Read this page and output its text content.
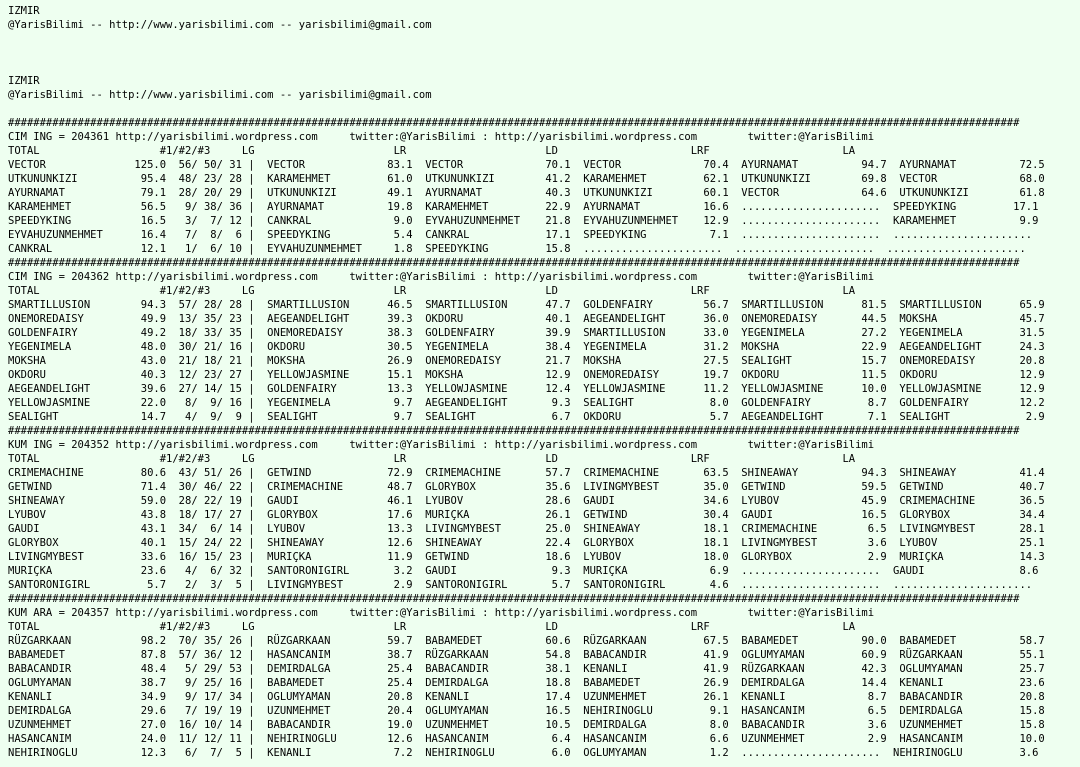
IZMIR
@YarisBilimi -- http://www.yarisbilimi.com -- yarisbilimi@gmail.com

IZMIR
@YarisBilimi -- http://www.yarisbilimi.com -- yarisbilimi@gmail.com

################################################################################################################################################################
CIM ING = 204361 http://yarisbilimi.wordpress.com     twitter:@YarisBilimi : http://yarisbilimi.wordpress.com        twitter:@YarisBilimi
TOTAL                   #1/#2/#3     LG                      LR                      LD                     LRF                     LA
VECTOR              125.0  56/ 50/ 31 |  VECTOR             83.1  VECTOR             70.1  VECTOR             70.4  AYURNAMAT          94.7  AYURNAMAT          72.5
UTKUNUNKIZI          95.4  48/ 23/ 28 |  KARAMEHMET         61.0  UTKUNUNKIZI        41.2  KARAMEHMET         62.1  UTKUNUNKIZI        69.8  VECTOR             68.0
AYURNAMAT            79.1  28/ 20/ 29 |  UTKUNUNKIZI        49.1  AYURNAMAT          40.3  UTKUNUNKIZI        60.1  VECTOR             64.6  UTKUNUNKIZI        61.8
KARAMEHMET           56.5   9/ 38/ 36 |  AYURNAMAT          19.8  KARAMEHMET         22.9  AYURNAMAT          16.6  ......................  SPEEDYKING         17.1
SPEEDYKING           16.5   3/  7/ 12 |  CANKRAL             9.0  EYVAHUZUNMEHMET    21.8  EYVAHUZUNMEHMET    12.9  ......................  KARAMEHMET          9.9
EYVAHUZUNMEHMET      16.4   7/  8/  6 |  SPEEDYKING          5.4  CANKRAL            17.1  SPEEDYKING          7.1  ......................  ......................
CANKRAL              12.1   1/  6/ 10 |  EYVAHUZUNMEHMET     1.8  SPEEDYKING         15.8  ......................  ......................  ......................
################################################################################################################################################################
CIM ING = 204362 http://yarisbilimi.wordpress.com     twitter:@YarisBilimi : http://yarisbilimi.wordpress.com        twitter:@YarisBilimi
TOTAL                   #1/#2/#3     LG                      LR                      LD                     LRF                     LA
SMARTILLUSION        94.3  57/ 28/ 28 |  SMARTILLUSION      46.5  SMARTILLUSION      47.7  GOLDENFAIRY        56.7  SMARTILLUSION      81.5  SMARTILLUSION      65.9
ONEMOREDAISY         49.9  13/ 35/ 23 |  AEGEANDELIGHT      39.3  OKDORU             40.1  AEGEANDELIGHT      36.0  ONEMOREDAISY       44.5  MOKSHA             45.7
GOLDENFAIRY          49.2  18/ 33/ 35 |  ONEMOREDAISY       38.3  GOLDENFAIRY        39.9  SMARTILLUSION      33.0  YEGENIMELA         27.2  YEGENIMELA         31.5
YEGENIMELA           48.0  30/ 21/ 16 |  OKDORU             30.5  YEGENIMELA         38.4  YEGENIMELA         31.2  MOKSHA             22.9  AEGEANDELIGHT      24.3
MOKSHA               43.0  21/ 18/ 21 |  MOKSHA             26.9  ONEMOREDAISY       21.7  MOKSHA             27.5  SEALIGHT           15.7  ONEMOREDAISY       20.8
OKDORU               40.3  12/ 23/ 27 |  YELLOWJASMINE      15.1  MOKSHA             12.9  ONEMOREDAISY       19.7  OKDORU             11.5  OKDORU             12.9
AEGEANDELIGHT        39.6  27/ 14/ 15 |  GOLDENFAIRY        13.3  YELLOWJASMINE      12.4  YELLOWJASMINE      11.2  YELLOWJASMINE      10.0  YELLOWJASMINE      12.9
YELLOWJASMINE        22.0   8/  9/ 16 |  YEGENIMELA          9.7  AEGEANDELIGHT       9.3  SEALIGHT            8.0  GOLDENFAIRY         8.7  GOLDENFAIRY        12.2
SEALIGHT             14.7   4/  9/  9 |  SEALIGHT            9.7  SEALIGHT            6.7  OKDORU              5.7  AEGEANDELIGHT       7.1  SEALIGHT            2.9
################################################################################################################################################################
KUM ING = 204352 http://yarisbilimi.wordpress.com     twitter:@YarisBilimi : http://yarisbilimi.wordpress.com        twitter:@YarisBilimi
TOTAL                   #1/#2/#3     LG                      LR                      LD                     LRF                     LA
CRIMEMACHINE         80.6  43/ 51/ 26 |  GETWIND            72.9  CRIMEMACHINE       57.7  CRIMEMACHINE       63.5  SHINEAWAY          94.3  SHINEAWAY          41.4
GETWIND              71.4  30/ 46/ 22 |  CRIMEMACHINE       48.7  GLORYBOX           35.6  LIVINGMYBEST       35.0  GETWIND            59.5  GETWIND            40.7
SHINEAWAY            59.0  28/ 22/ 19 |  GAUDI              46.1  LYUBOV             28.6  GAUDI              34.6  LYUBOV             45.9  CRIMEMACHINE       36.5
LYUBOV               43.8  18/ 17/ 27 |  GLORYBOX           17.6  MURIÇKA            26.1  GETWIND            30.4  GAUDI              16.5  GLORYBOX           34.4
GAUDI                43.1  34/  6/ 14 |  LYUBOV             13.3  LIVINGMYBEST       25.0  SHINEAWAY          18.1  CRIMEMACHINE        6.5  LIVINGMYBEST       28.1
GLORYBOX             40.1  15/ 24/ 22 |  SHINEAWAY          12.6  SHINEAWAY          22.4  GLORYBOX           18.1  LIVINGMYBEST        3.6  LYUBOV             25.1
LIVINGMYBEST         33.6  16/ 15/ 23 |  MURIÇKA            11.9  GETWIND            18.6  LYUBOV             18.0  GLORYBOX            2.9  MURIÇKA            14.3
MURIÇKA              23.6   4/  6/ 32 |  SANTORONIGIRL       3.2  GAUDI               9.3  MURIÇKA             6.9  ......................  GAUDI               8.6
SANTORONIGIRL         5.7   2/  3/  5 |  LIVINGMYBEST        2.9  SANTORONIGIRL       5.7  SANTORONIGIRL       4.6  ......................  ......................
################################################################################################################################################################
KUM ARA = 204357 http://yarisbilimi.wordpress.com     twitter:@YarisBilimi : http://yarisbilimi.wordpress.com        twitter:@YarisBilimi
TOTAL                   #1/#2/#3     LG                      LR                      LD                     LRF                     LA
RÜZGARKAAN           98.2  70/ 35/ 26 |  RÜZGARKAAN         59.7  BABAMEDET          60.6  RÜZGARKAAN         67.5  BABAMEDET          90.0  BABAMEDET          58.7
BABAMEDET            87.8  57/ 36/ 12 |  HASANCANIM         38.7  RÜZGARKAAN         54.8  BABACANDIR         41.9  OGLUMYAMAN         60.9  RÜZGARKAAN         55.1
BABACANDIR           48.4   5/ 29/ 53 |  DEMIRDALGA         25.4  BABACANDIR         38.1  KENANLI            41.9  RÜZGARKAAN         42.3  OGLUMYAMAN         25.7
OGLUMYAMAN           38.7   9/ 25/ 16 |  BABAMEDET          25.4  DEMIRDALGA         18.8  BABAMEDET          26.9  DEMIRDALGA         14.4  KENANLI            23.6
KENANLI              34.9   9/ 17/ 34 |  OGLUMYAMAN         20.8  KENANLI            17.4  UZUNMEHMET         26.1  KENANLI             8.7  BABACANDIR         20.8
DEMIRDALGA           29.6   7/ 19/ 19 |  UZUNMEHMET         20.4  OGLUMYAMAN         16.5  NEHIRINOGLU         9.1  HASANCANIM          6.5  DEMIRDALGA         15.8
UZUNMEHMET           27.0  16/ 10/ 14 |  BABACANDIR         19.0  UZUNMEHMET         10.5  DEMIRDALGA          8.0  BABACANDIR          3.6  UZUNMEHMET         15.8
HASANCANIM           24.0  11/ 12/ 11 |  NEHIRINOGLU        12.6  HASANCANIM          6.4  HASANCANIM          6.6  UZUNMEHMET          2.9  HASANCANIM         10.0
NEHIRINOGLU          12.3   6/  7/  5 |  KENANLI             7.2  NEHIRINOGLU         6.0  OGLUMYAMAN          1.2  ......................  NEHIRINOGLU         3.6
